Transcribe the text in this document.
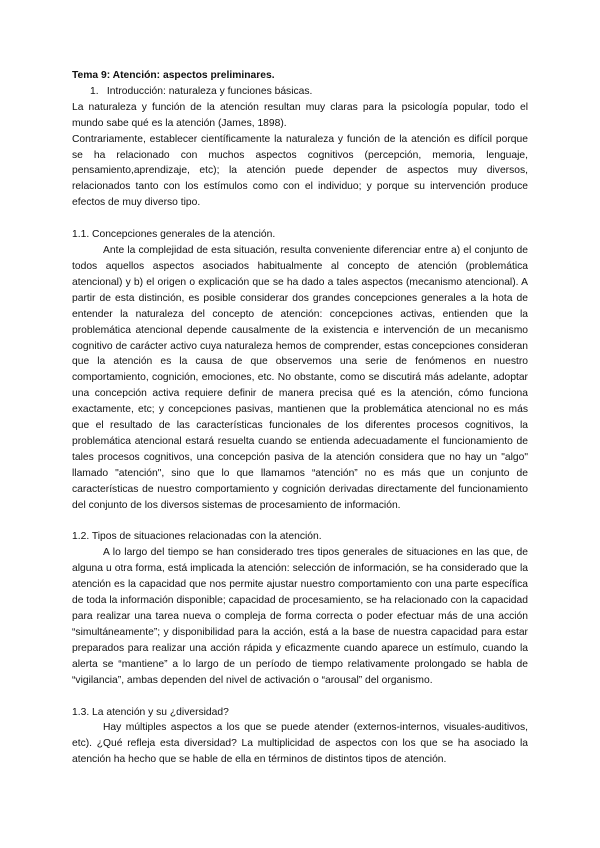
Tema 9: Atención: aspectos preliminares.

1. Introducción: naturaleza y funciones básicas.

La naturaleza y función de la atención resultan muy claras para la psicología popular, todo el mundo sabe qué es la atención (James, 1898).

Contrariamente, establecer científicamente la naturaleza y función de la atención es difícil porque se ha relacionado con muchos aspectos cognitivos (percepción, memoria, lenguaje, pensamiento,aprendizaje, etc); la atención puede depender de aspectos muy diversos, relacionados tanto con los estímulos como con el individuo; y porque su intervención produce efectos de muy diverso tipo.

1.1. Concepciones generales de la atención.

Ante la complejidad de esta situación, resulta conveniente diferenciar entre a) el conjunto de todos aquellos aspectos asociados habitualmente al concepto de atención (problemática atencional) y b) el origen o explicación que se ha dado a tales aspectos (mecanismo atencional). A partir de esta distinción, es posible considerar dos grandes concepciones generales a la hota de entender la naturaleza del concepto de atención: concepciones activas, entienden que la problemática atencional depende causalmente de la existencia e intervención de un mecanismo cognitivo de carácter activo cuya naturaleza hemos de comprender, estas concepciones consideran que la atención es la causa de que observemos una serie de fenómenos en nuestro comportamiento, cognición, emociones, etc. No obstante, como se discutirá más adelante, adoptar una concepción activa requiere definir de manera precisa qué es la atención, cómo funciona exactamente, etc; y concepciones pasivas, mantienen que la problemática atencional no es más que el resultado de las características funcionales de los diferentes procesos cognitivos, la problemática atencional estará resuelta cuando se entienda adecuadamente el funcionamiento de tales procesos cognitivos, una concepción pasiva de la atención considera que no hay un "algo" llamado "atención", sino que lo que llamamos “atención” no es más que un conjunto de características de nuestro comportamiento y cognición derivadas directamente del funcionamiento del conjunto de los diversos sistemas de procesamiento de información.

1.2. Tipos de situaciones relacionadas con la atención.

A lo largo del tiempo se han considerado tres tipos generales de situaciones en las que, de alguna u otra forma, está implicada la atención: selección de información, se ha considerado que la atención es la capacidad que nos permite ajustar nuestro comportamiento con una parte específica de toda la información disponible; capacidad de procesamiento, se ha relacionado con la capacidad para realizar una tarea nueva o compleja de forma correcta o poder efectuar más de una acción “simultáneamente”; y disponibilidad para la acción, está a la base de nuestra capacidad para estar preparados para realizar una acción rápida y eficazmente cuando aparece un estímulo, cuando la alerta se “mantiene” a lo largo de un período de tiempo relativamente prolongado se habla de “vigilancia”, ambas dependen del nivel de activación o “arousal” del organismo.

1.3. La atención y su ¿diversidad?

Hay múltiples aspectos a los que se puede atender (externos-internos, visuales-auditivos, etc). ¿Qué refleja esta diversidad? La multiplicidad de aspectos con los que se ha asociado la atención ha hecho que se hable de ella en términos de distintos tipos de atención.
